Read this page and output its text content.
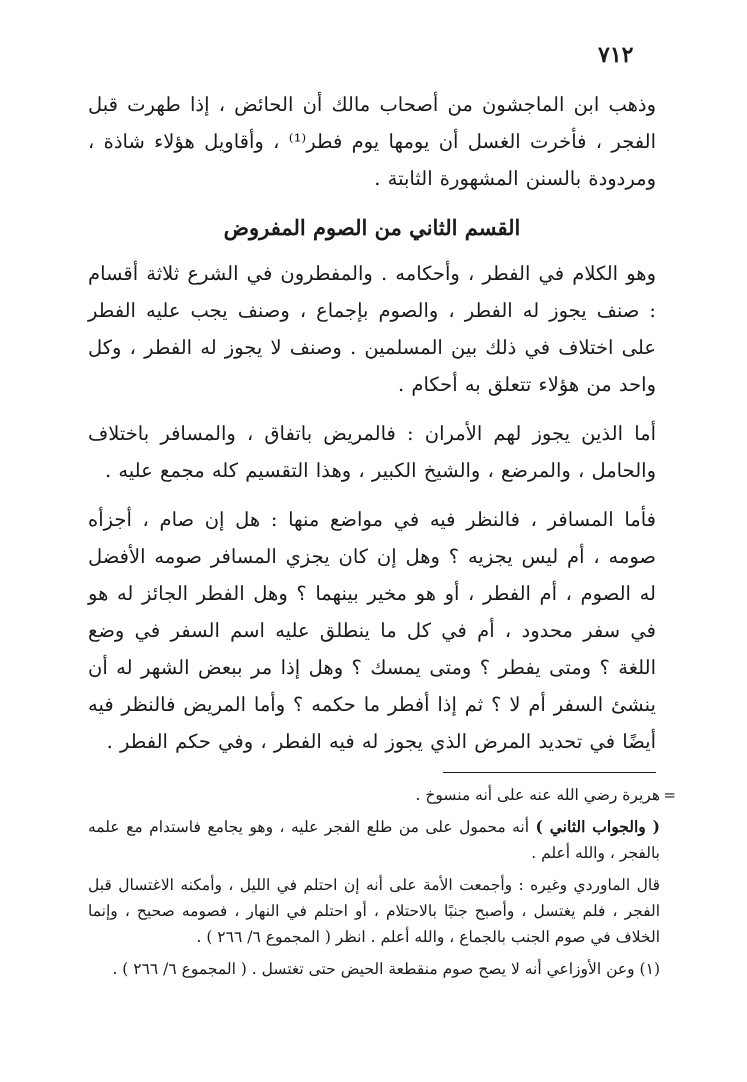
٧١٢

وذهب ابن الماجشون من أصحاب مالك أن الحائض ، إذا طهرت قبل الفجر ، فأخرت الغسل أن يومها يوم فطر⁽¹⁾ ، وأقاويل هؤلاء شاذة ، ومردودة بالسنن المشهورة الثابتة .

القسم الثاني من الصوم المفروض

وهو الكلام في الفطر ، وأحكامه . والمفطرون في الشرع ثلاثة أقسام : صنف يجوز له الفطر ، والصوم بإجماع ، وصنف يجب عليه الفطر على اختلاف في ذلك بين المسلمين . وصنف لا يجوز له الفطر ، وكل واحد من هؤلاء تتعلق به أحكام .

أما الذين يجوز لهم الأمران : فالمريض باتفاق ، والمسافر باختلاف والحامل ، والمرضع ، والشيخ الكبير ، وهذا التقسيم كله مجمع عليه .

فأما المسافر ، فالنظر فيه في مواضع منها : هل إن صام ، أجزأه صومه ، أم ليس يجزيه ؟ وهل إن كان يجزي المسافر صومه الأفضل له الصوم ، أم الفطر ، أو هو مخير بينهما ؟ وهل الفطر الجائز له هو في سفر محدود ، أم في كل ما ينطلق عليه اسم السفر في وضع اللغة ؟ ومتى يفطر ؟ ومتى يمسك ؟ وهل إذا مر ببعض الشهر له أن ينشئ السفر أم لا ؟ ثم إذا أفطر ما حكمه ؟ وأما المريض فالنظر فيه أيضًا في تحديد المرض الذي يجوز له فيه الفطر ، وفي حكم الفطر .

=
هريرة رضي الله عنه على أنه منسوخ .

( والجواب الثاني ) أنه محمول على من طلع الفجر عليه ، وهو يجامع فاستدام مع علمه بالفجر ، والله أعلم .

قال الماوردي وغيره : وأجمعت الأمة على أنه إن احتلم في الليل ، وأمكنه الاغتسال قبل الفجر ، فلم يغتسل ، وأصبح جنبًا بالاحتلام ، أو احتلم في النهار ، فصومه صحيح ، وإنما الخلاف في صوم الجنب بالجماع ، والله أعلم . انظر ( المجموع ٦/ ٢٦٦ ) .

(١) وعن الأوزاعي أنه لا يصح صوم منقطعة الحيض حتى تغتسل . ( المجموع ٦/ ٢٦٦ ) .
